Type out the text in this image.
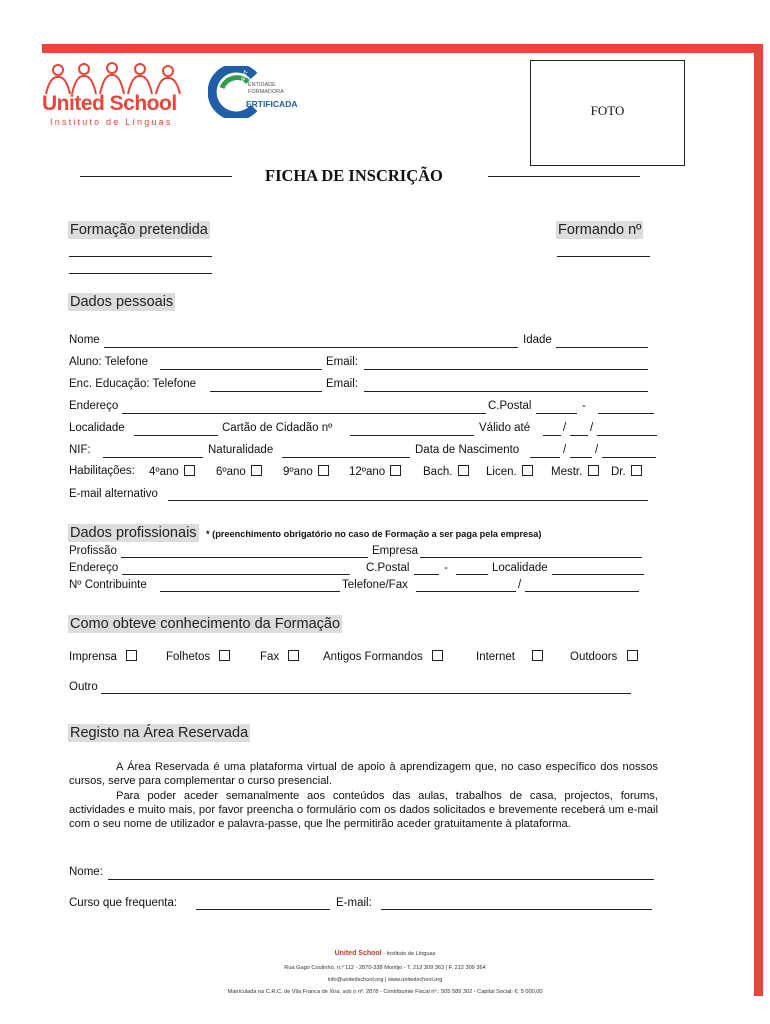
United School
Instituto de Línguas
DGERT
ENTIDADE
FORMADORA
ERTIFICADA	FOTO
FICHA DE INSCRIÇÃO
Formação pretendida	Formando nº
Dados pessoais
Nome	Idade
Aluno: Telefone	Email:
Enc. Educação: Telefone	Email:
Endereço	C.Postal	-
Localidade	Cartão de Cidadão nº	Válido até	/ /
NIF:	Naturalidade	Data de Nascimento	/	/
Habilitações: 4ºano	6ºano	9ºano	12ºano	Bach.	Licen.	Mestr.	Dr.
E-mail alternativo
Dados profissionais * (preenchimento obrigatório no caso de Formação a ser paga pela empresa)
Profissão	Empresa
Endereço	C.Postal	-	Localidade
Nº Contribuinte	Telefone/Fax	/
Como obteve conhecimento da Formação
Imprensa	Folhetos	Fax	Antigos Formandos	Internet	Outdoors
Outro
Registo na Área Reservada
A Área Reservada é uma plataforma virtual de apoio à aprendizagem que, no caso específico dos nossos cursos, serve para complementar o curso presencial.
Para poder aceder semanalmente aos conteúdos das aulas, trabalhos de casa, projectos, forums, actividades e muito mais, por favor preencha o formulário com os dados solicitados e brevemente receberá um e-mail com o seu nome de utilizador e palavra-passe, que lhe permitirão aceder gratuitamente à plataforma.
Nome:
Curso que frequenta:	E-mail:
United School - Instituto de Línguas
Rua Gago Coutinho, n.º 112 - 2870-338 Montijo - T. 212 309 363 | F. 212 309 364
info@unitedschool.org | www.unitedschool.org
Matriculada na C.R.C. de Vila Franca de Xira, sob o nº. 2878 - Contribuinte Fiscal nº.: 505 589 302 - Capital Social: €: 5 000,00
